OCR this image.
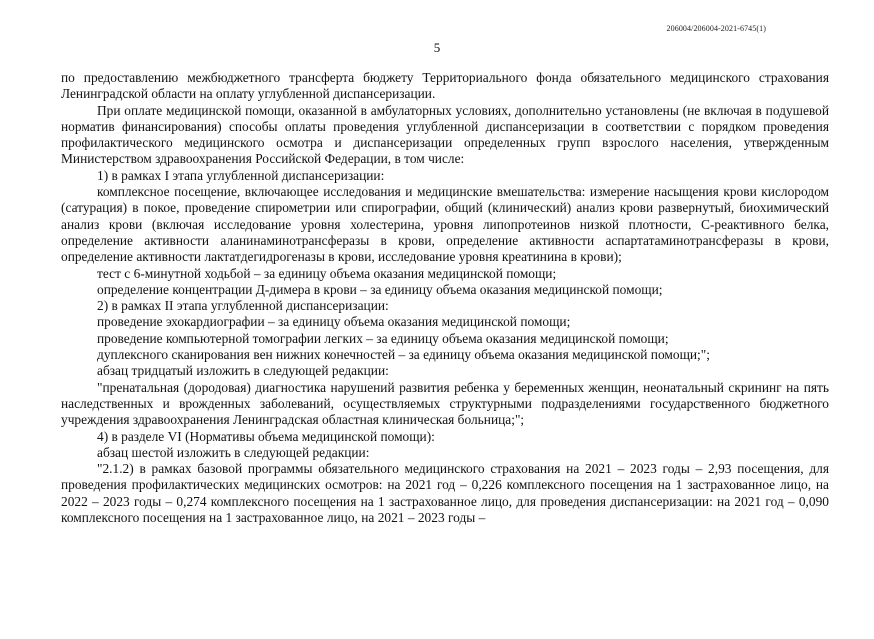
206004/206004-2021-6745(1)
5

по предоставлению межбюджетного трансферта бюджету Территориального фонда обязательного медицинского страхования Ленинградской области на оплату углубленной диспансеризации.

При оплате медицинской помощи, оказанной в амбулаторных условиях, дополнительно установлены (не включая в подушевой норматив финансирования) способы оплаты проведения углубленной диспансеризации в соответствии с порядком проведения профилактического медицинского осмотра и диспансеризации определенных групп взрослого населения, утвержденным Министерством здравоохранения Российской Федерации, в том числе:

1) в рамках I этапа углубленной диспансеризации:

комплексное посещение, включающее исследования и медицинские вмешательства: измерение насыщения крови кислородом (сатурация) в покое, проведение спирометрии или спирографии, общий (клинический) анализ крови развернутый, биохимический анализ крови (включая исследование уровня холестерина, уровня липопротеинов низкой плотности, С-реактивного белка, определение активности аланинаминотрансферазы в крови, определение активности аспартатаминотрансферазы в крови, определение активности лактатдегидрогеназы в крови, исследование уровня креатинина в крови);

тест с 6-минутной ходьбой – за единицу объема оказания медицинской помощи;

определение концентрации Д-димера в крови – за единицу объема оказания медицинской помощи;

2) в рамках II этапа углубленной диспансеризации:

проведение эхокардиографии – за единицу объема оказания медицинской помощи;

проведение компьютерной томографии легких – за единицу объема оказания медицинской помощи;

дуплексного сканирования вен нижних конечностей – за единицу объема оказания медицинской помощи;";

абзац тридцатый изложить в следующей редакции:

"пренатальная (дородовая) диагностика нарушений развития ребенка у беременных женщин, неонатальный скрининг на пять наследственных и врожденных заболеваний, осуществляемых структурными подразделениями государственного бюджетного учреждения здравоохранения Ленинградская областная клиническая больница;";

4) в разделе VI (Нормативы объема медицинской помощи):

абзац шестой изложить в следующей редакции:

"2.1.2) в рамках базовой программы обязательного медицинского страхования на 2021 – 2023 годы – 2,93 посещения, для проведения профилактических медицинских осмотров: на 2021 год – 0,226 комплексного посещения на 1 застрахованное лицо, на 2022 – 2023 годы – 0,274 комплексного посещения на 1 застрахованное лицо, для проведения диспансеризации: на 2021 год – 0,090 комплексного посещения на 1 застрахованное лицо, на 2021 – 2023 годы –
